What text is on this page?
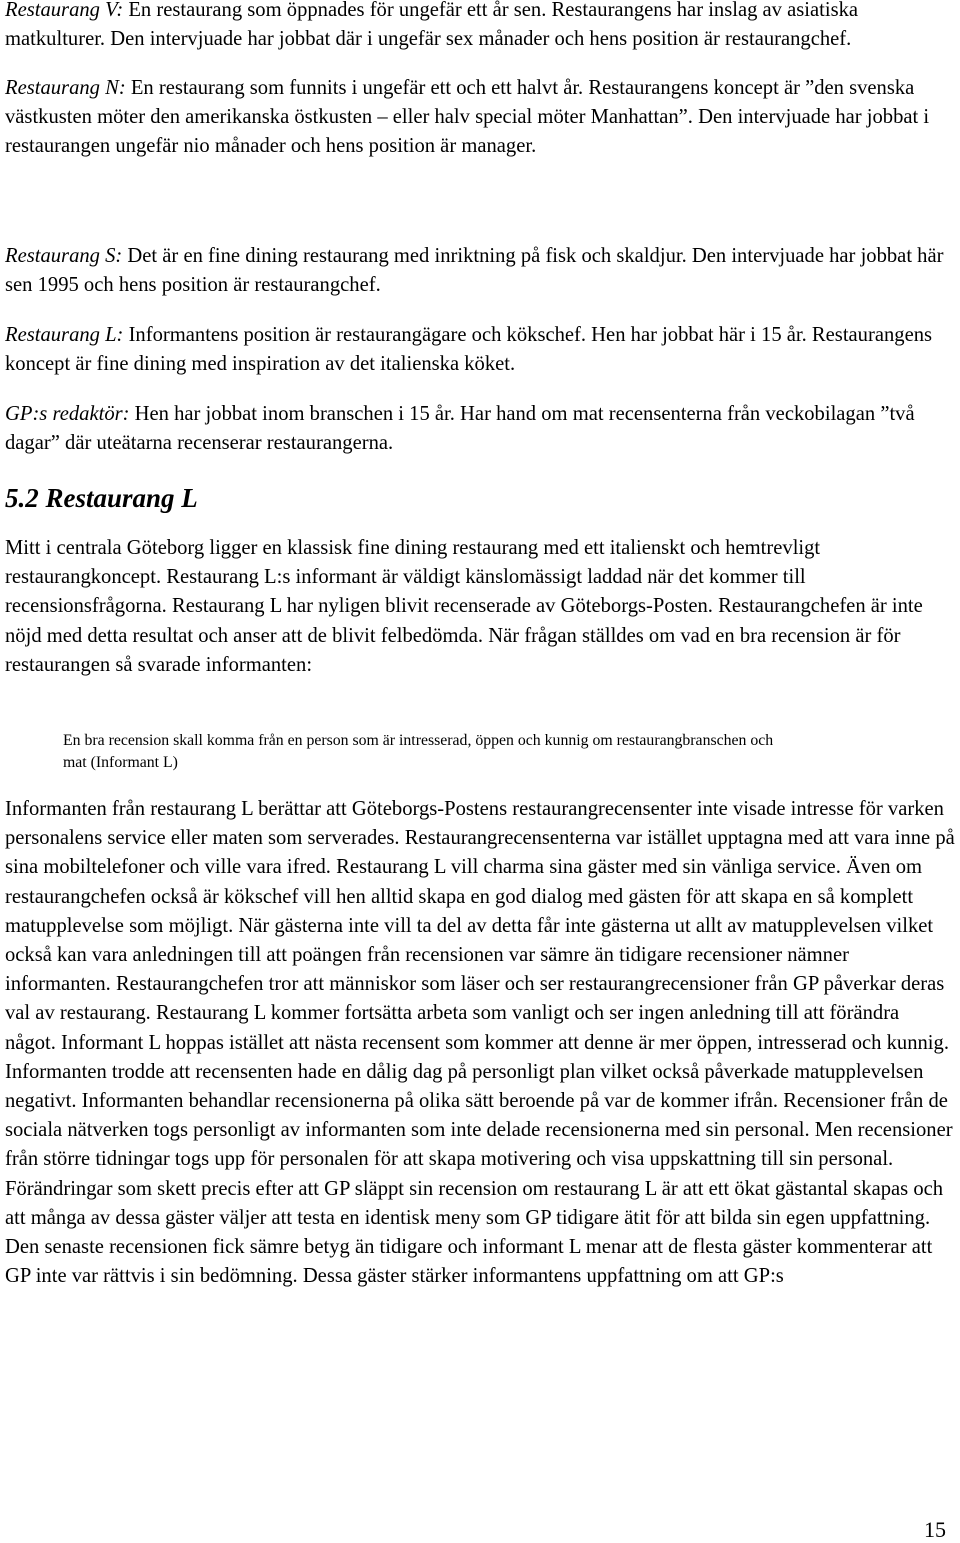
Restaurang V: En restaurang som öppnades för ungefär ett år sen. Restaurangens har inslag av asiatiska matkulturer. Den intervjuade har jobbat där i ungefär sex månader och hens position är restaurangchef.

Restaurang N: En restaurang som funnits i ungefär ett och ett halvt år. Restaurangens koncept är ”den svenska västkusten möter den amerikanska östkusten – eller halv special möter Manhattan”. Den intervjuade har jobbat i restaurangen ungefär nio månader och hens position är manager.

Restaurang S: Det är en fine dining restaurang med inriktning på fisk och skaldjur. Den intervjuade har jobbat här sen 1995 och hens position är restaurangchef.

Restaurang L: Informantens position är restaurangägare och kökschef. Hen har jobbat här i 15 år. Restaurangens koncept är fine dining med inspiration av det italienska köket.

GP:s redaktör: Hen har jobbat inom branschen i 15 år. Har hand om mat recensenterna från veckobilagan ”två dagar” där uteätarna recenserar restaurangerna.

5.2 Restaurang L

Mitt i centrala Göteborg ligger en klassisk fine dining restaurang med ett italienskt och hemtrevligt restaurangkoncept. Restaurang L:s informant är väldigt känslomässigt laddad när det kommer till recensionsfrågorna. Restaurang L har nyligen blivit recenserade av Göteborgs-Posten. Restaurangchefen är inte nöjd med detta resultat och anser att de blivit felbedömda. När frågan ställdes om vad en bra recension är för restaurangen så svarade informanten:

En bra recension skall komma från en person som är intresserad, öppen och kunnig om restaurangbranschen och mat (Informant L)

Informanten från restaurang L berättar att Göteborgs-Postens restaurangrecensenter inte visade intresse för varken personalens service eller maten som serverades. Restaurangrecensenterna var istället upptagna med att vara inne på sina mobiltelefoner och ville vara ifred. Restaurang L vill charma sina gäster med sin vänliga service. Även om restaurangchefen också är kökschef vill hen alltid skapa en god dialog med gästen för att skapa en så komplett matupplevelse som möjligt. När gästerna inte vill ta del av detta får inte gästerna ut allt av matupplevelsen vilket också kan vara anledningen till att poängen från recensionen var sämre än tidigare recensioner nämner informanten. Restaurangchefen tror att människor som läser och ser restaurangrecensioner från GP påverkar deras val av restaurang. Restaurang L kommer fortsätta arbeta som vanligt och ser ingen anledning till att förändra något. Informant L hoppas istället att nästa recensent som kommer att denne är mer öppen, intresserad och kunnig. Informanten trodde att recensenten hade en dålig dag på personligt plan vilket också påverkade matupplevelsen negativt. Informanten behandlar recensionerna på olika sätt beroende på var de kommer ifrån. Recensioner från de sociala nätverken togs personligt av informanten som inte delade recensionerna med sin personal. Men recensioner från större tidningar togs upp för personalen för att skapa motivering och visa uppskattning till sin personal. Förändringar som skett precis efter att GP släppt sin recension om restaurang L är att ett ökat gästantal skapas och att många av dessa gäster väljer att testa en identisk meny som GP tidigare ätit för att bilda sin egen uppfattning. Den senaste recensionen fick sämre betyg än tidigare och informant L menar att de flesta gäster kommenterar att GP inte var rättvis i sin bedömning. Dessa gäster stärker informantens uppfattning om att GP:s

15
